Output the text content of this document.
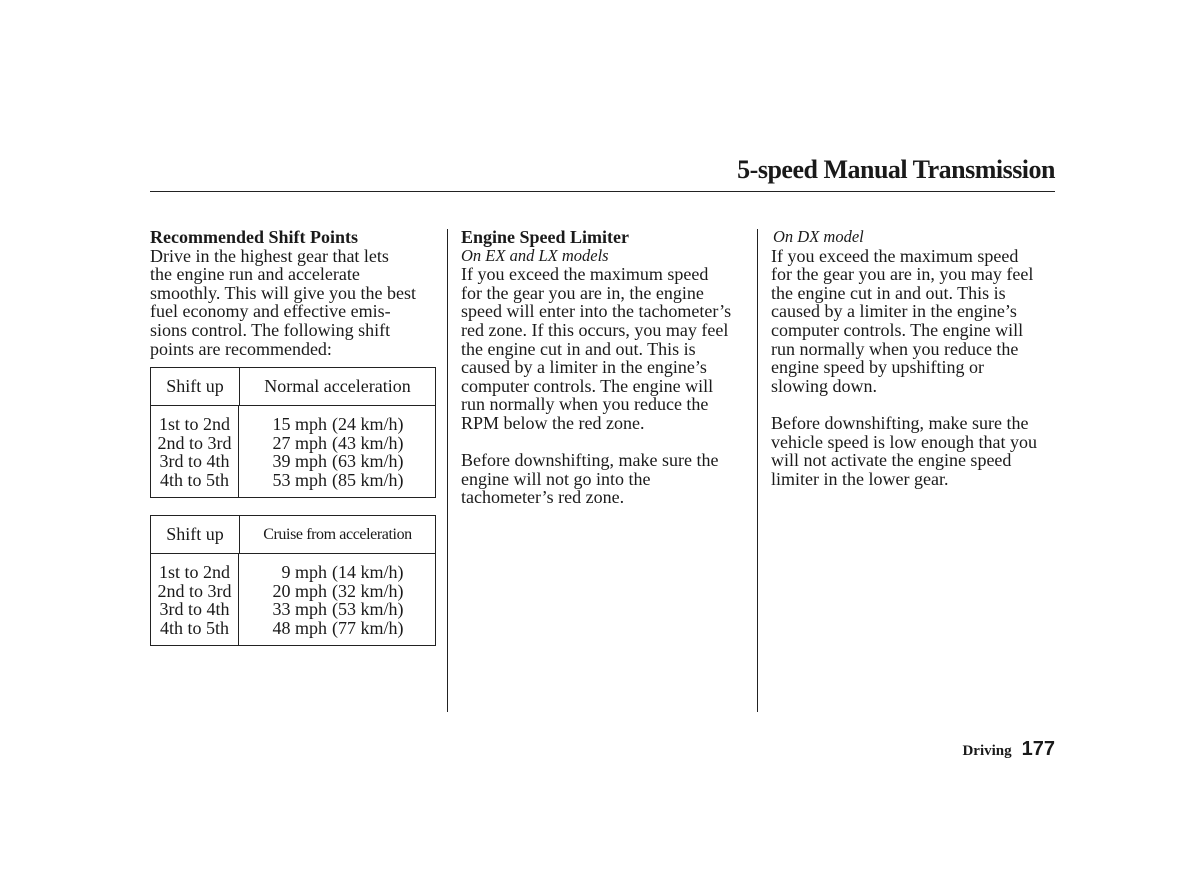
5-speed Manual Transmission
Recommended Shift Points

Drive in the highest gear that lets
the engine run and accelerate
smoothly. This will give you the best
fuel economy and effective emis-
sions control. The following shift
points are recommended:

Shift up	Normal acceleration
1st to 2nd
2nd to 3rd
3rd to 4th
4th to 5th
15 mph (24 km/h)
27 mph (43 km/h)
39 mph (63 km/h)
53 mph (85 km/h)
Shift up	Cruise from acceleration
1st to 2nd
2nd to 3rd
3rd to 4th
4th to 5th
9 mph (14 km/h)
20 mph (32 km/h)
33 mph (53 km/h)
48 mph (77 km/h)
Engine Speed Limiter
On EX and LX models

If you exceed the maximum speed
for the gear you are in, the engine
speed will enter into the tachometer’s
red zone. If this occurs, you may feel
the engine cut in and out. This is
caused by a limiter in the engine’s
computer controls. The engine will
run normally when you reduce the
RPM below the red zone.

Before downshifting, make sure the
engine will not go into the
tachometer’s red zone.

On DX model

If you exceed the maximum speed
for the gear you are in, you may feel
the engine cut in and out. This is
caused by a limiter in the engine’s
computer controls. The engine will
run normally when you reduce the
engine speed by upshifting or
slowing down.

Before downshifting, make sure the
vehicle speed is low enough that you
will not activate the engine speed
limiter in the lower gear.

Driving 177
